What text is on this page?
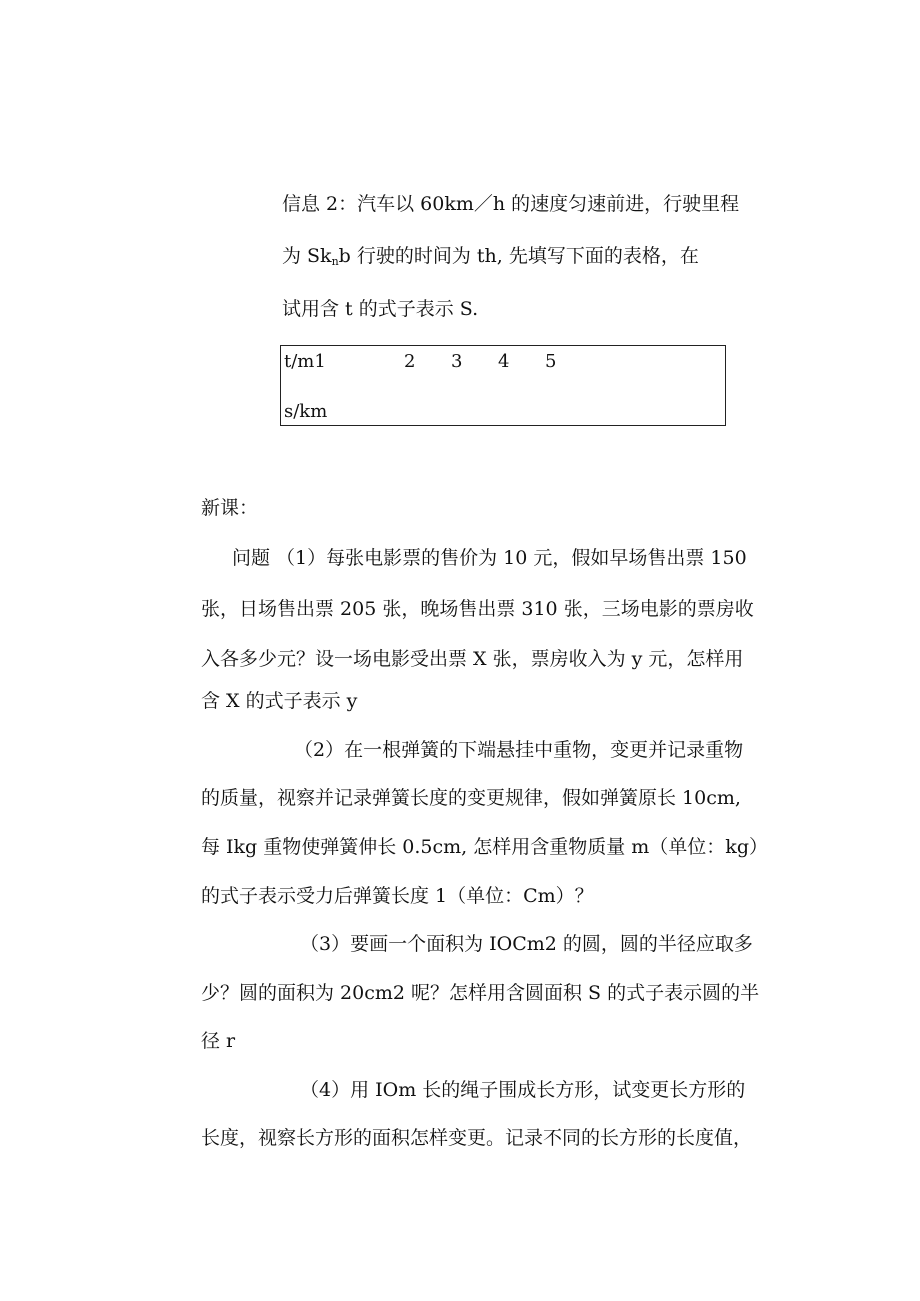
信息 2：汽车以 60km／h 的速度匀速前进，行驶里程
为 $Sk_nb$ 行驶的时间为 th, 先填写下面的表格，在
试用含 t 的式子表示 S.
t/m1	2 3 4 5
s/km
新课：
问题 （1）每张电影票的售价为 10 元，假如早场售出票 150
张，日场售出票 205 张，晚场售出票 310 张，三场电影的票房收
入各多少元？设一场电影受出票 X 张，票房收入为 y 元，怎样用
含 X 的式子表示 y
（2）在一根弹簧的下端悬挂中重物，变更并记录重物
的质量，视察并记录弹簧长度的变更规律，假如弹簧原长 10cm,
每 Ikg 重物使弹簧伸长 0.5cm, 怎样用含重物质量 m（单位：kg）
的式子表示受力后弹簧长度 1（单位：Cm）？
（3）要画一个面积为 IOCm2 的圆，圆的半径应取多
少？圆的面积为 20cm2 呢？怎样用含圆面积 S 的式子表示圆的半
径 r
（4）用 IOm 长的绳子围成长方形，试变更长方形的
长度，视察长方形的面积怎样变更。记录不同的长方形的长度值，
